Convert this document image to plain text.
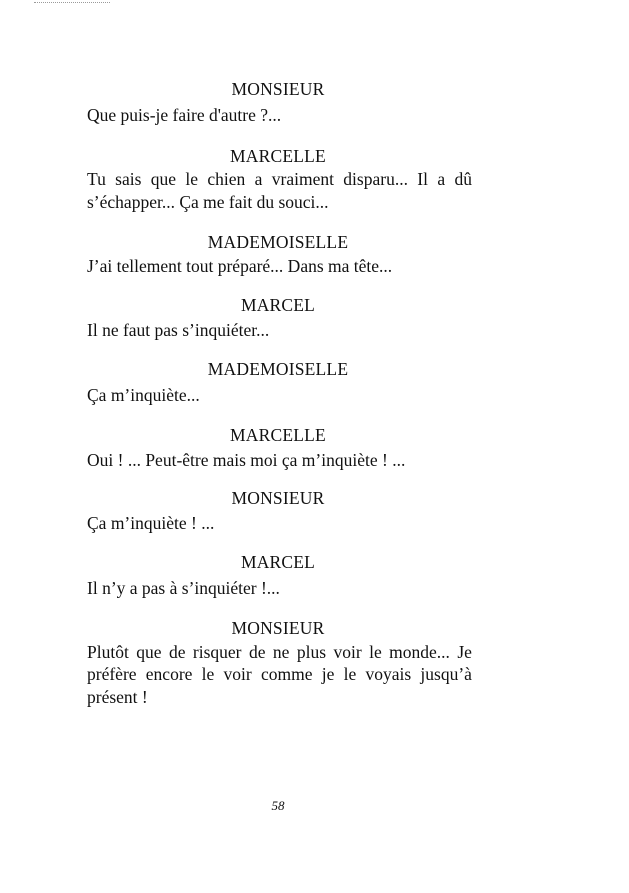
MONSIEUR
Que puis-je faire d'autre ?...
MARCELLE
Tu sais que le chien a vraiment disparu... Il a dû
s’échapper... Ça me fait du souci...
MADEMOISELLE
J’ai tellement tout préparé... Dans ma tête...
MARCEL
Il ne faut pas s’inquiéter...
MADEMOISELLE
Ça m’inquiète...
MARCELLE
Oui ! ... Peut-être mais moi ça m’inquiète ! ...
MONSIEUR
Ça m’inquiète ! ...
MARCEL
Il n’y a pas à s’inquiéter !...
MONSIEUR
Plutôt que de risquer de ne plus voir le monde... Je
préfère encore le voir comme je le voyais jusqu’à
présent !
58
